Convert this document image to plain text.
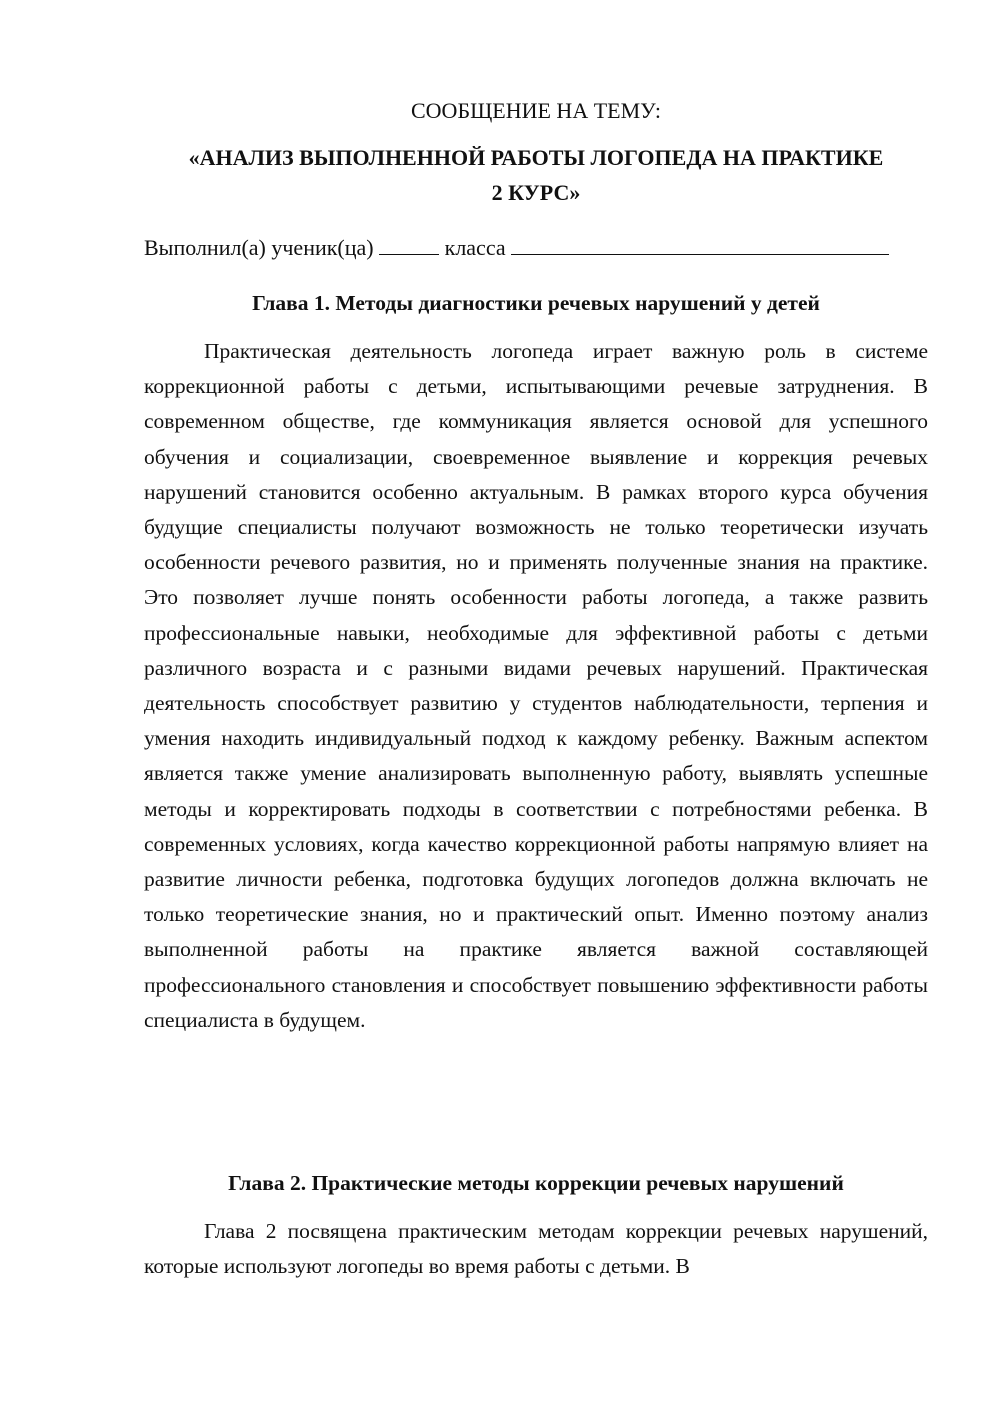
СООБЩЕНИЕ НА ТЕМУ:
«АНАЛИЗ ВЫПОЛНЕННОЙ РАБОТЫ ЛОГОПЕДА НА ПРАКТИКЕ
2 КУРС»
Выполнил(а) ученик(ца)	класса
Глава 1. Методы диагностики речевых нарушений у детей

Практическая деятельность логопеда играет важную роль в системе коррекционной работы с детьми, испытывающими речевые затруднения. В современном обществе, где коммуникация является основой для успешного обучения и социализации, своевременное выявление и коррекция речевых нарушений становится особенно актуальным. В рамках второго курса обучения будущие специалисты получают возможность не только теоретически изучать особенности речевого развития, но и применять полученные знания на практике. Это позволяет лучше понять особенности работы логопеда, а также развить профессиональные навыки, необходимые для эффективной работы с детьми различного возраста и с разными видами речевых нарушений. Практическая деятельность способствует развитию у студентов наблюдательности, терпения и умения находить индивидуальный подход к каждому ребенку. Важным аспектом является также умение анализировать выполненную работу, выявлять успешные методы и корректировать подходы в соответствии с потребностями ребенка. В современных условиях, когда качество коррекционной работы напрямую влияет на развитие личности ребенка, подготовка будущих логопедов должна включать не только теоретические знания, но и практический опыт. Именно поэтому анализ выполненной работы на практике является важной составляющей профессионального становления и способствует повышению эффективности работы специалиста в будущем.

Глава 2. Практические методы коррекции речевых нарушений

Глава 2 посвящена практическим методам коррекции речевых нарушений, которые используют логопеды во время работы с детьми. В
